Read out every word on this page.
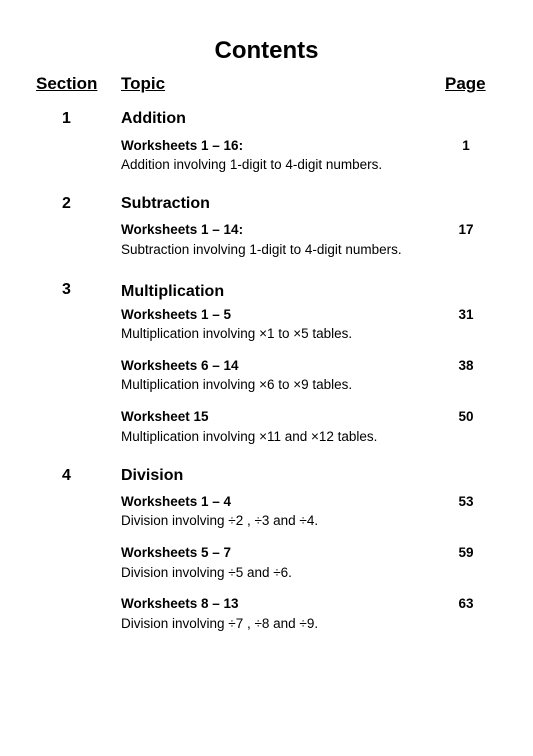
Contents
Section Topic	Page
1	Addition
Worksheets 1 – 16:	1
Addition involving 1-digit to 4-digit numbers.
2	Subtraction
Worksheets 1 – 14:	17
Subtraction involving 1-digit to 4-digit numbers.
3	Multiplication
Worksheets 1 – 5	31
Multiplication involving ×1 to ×5 tables.
Worksheets 6 – 14	38
Multiplication involving ×6 to ×9 tables.
Worksheet 15	50
Multiplication involving ×11 and ×12 tables.
4	Division
Worksheets 1 – 4	53
Division involving ÷2 , ÷3 and ÷4.
Worksheets 5 – 7	59
Division involving ÷5 and ÷6.
Worksheets 8 – 13	63
Division involving ÷7 , ÷8 and ÷9.
